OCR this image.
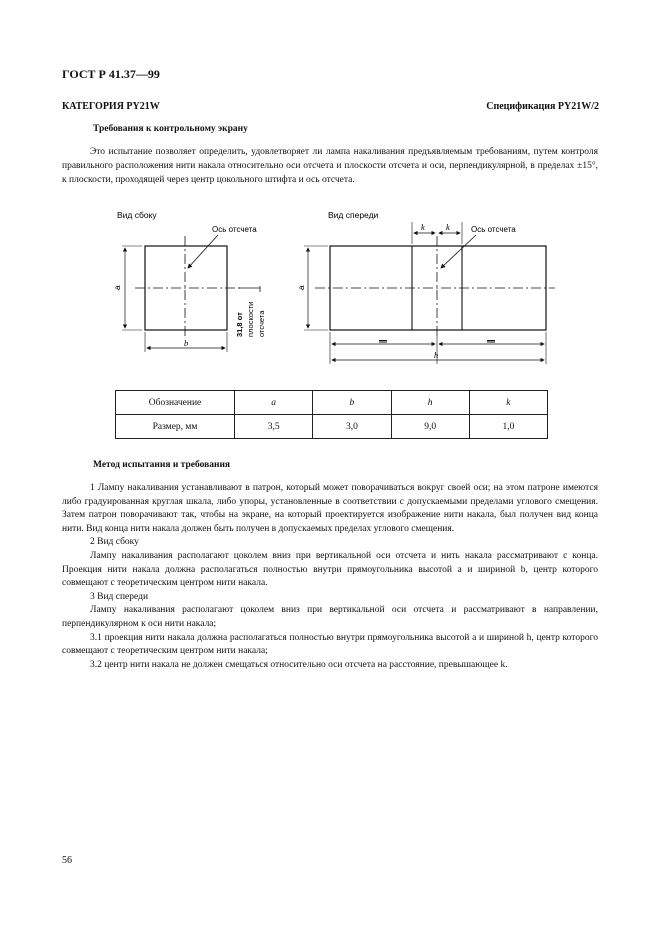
ГОСТ Р 41.37—99
КАТЕГОРИЯ PY21W	Спецификация PY21W/2
Требования к контрольному экрану

Это испытание позволяет определить, удовлетворяет ли лампа накаливания предъявляемым требованиям, путем контроля правильного расположения нити накала относительно оси отсчета и плоскости отсчета и оси, перпендикулярной, в пределах ±15°, к плоскости, проходящей через центр цокольного штифта и ось отсчета.

Вид сбоку
Ось отсчета
a
b
31,8 от плоскости отсчета
Вид спереди
k k	Ось отсчета
a
h
Обозначение	a	b	h	k
Размер, мм	3,5	3,0	9,0	1,0
Метод испытания и требования

1 Лампу накаливания устанавливают в патрон, который может поворачиваться вокруг своей оси; на этом патроне имеются либо градуированная круглая шкала, либо упоры, установленные в соответствии с допускаемыми пределами углового смещения. Затем патрон поворачивают так, чтобы на экране, на который проектируется изображение нити накала, был получен вид конца нити. Вид конца нити накала должен быть получен в допускаемых пределах углового смещения.

2 Вид сбоку

Лампу накаливания располагают цоколем вниз при вертикальной оси отсчета и нить накала рассматривают с конца. Проекция нити накала должна располагаться полностью внутри прямоугольника высотой a и шириной b, центр которого совмещают с теоретическим центром нити накала.

3 Вид спереди

Лампу накаливания располагают цоколем вниз при вертикальной оси отсчета и рассматривают в направлении, перпендикулярном к оси нити накала;

3.1 проекция нити накала должна располагаться полностью внутри прямоугольника высотой a и шириной h, центр которого совмещают с теоретическим центром нити накала;

3.2 центр нити накала не должен смещаться относительно оси отсчета на расстояние, превышающее k.

56
